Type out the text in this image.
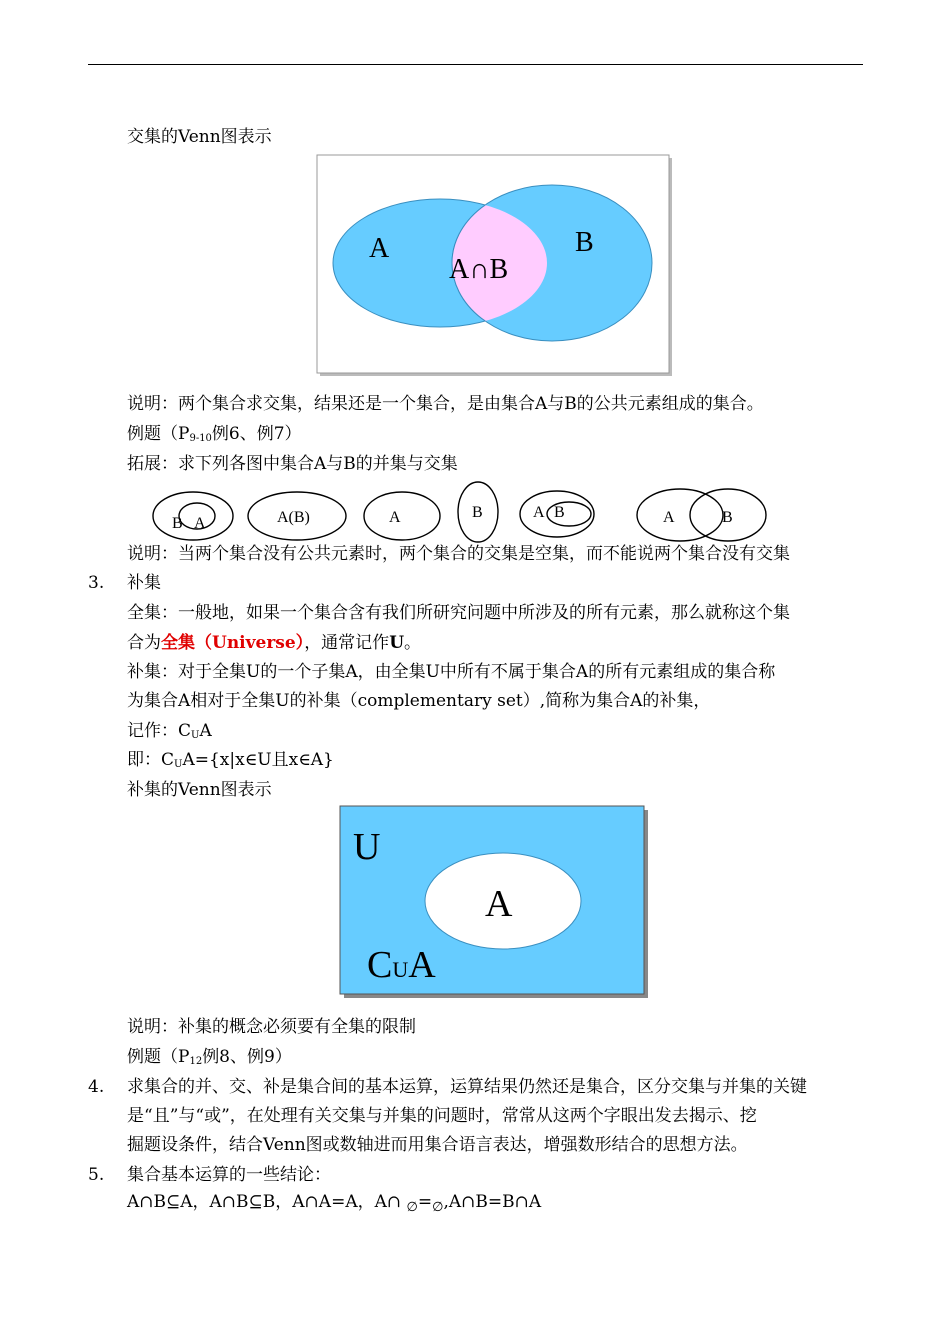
交集的Venn图表示
A	B
A∩B
说明：两个集合求交集，结果还是一个集合，是由集合A与B的公共元素组成的集合。
例题（$P_{9-10}$例6、例7）
拓展：求下列各图中集合A与B的并集与交集
B A	A(B)	A	B	A B	A	B
说明：当两个集合没有公共元素时，两个集合的交集是空集，而不能说两个集合没有交集
3. 补集
全集：一般地，如果一个集合含有我们所研究问题中所涉及的所有元素，那么就称这个集
合为全集（Universe），通常记作U。
补集：对于全集U的一个子集A，由全集U中所有不属于集合A的所有元素组成的集合称
为集合A相对于全集U的补集（complementary set）,简称为集合A的补集，
记作：$C_UA$
即：$C_UA=\{x|x\in U$且x∈A}
补集的Venn图表示
U
A
CUA
说明：补集的概念必须要有全集的限制
例题（$P_{12}$例8、例9）
4. 求集合的并、交、补是集合间的基本运算，运算结果仍然还是集合，区分交集与并集的关键
是“且”与“或”，在处理有关交集与并集的问题时，常常从这两个字眼出发去揭示、挖
掘题设条件，结合Venn图或数轴进而用集合语言表达，增强数形结合的思想方法。
5. 集合基本运算的一些结论：
A∩B⊆A，A∩B⊆B，A∩A=A，A∩ $_\emptyset=_\emptyset,A\cap B=B\cap A$
